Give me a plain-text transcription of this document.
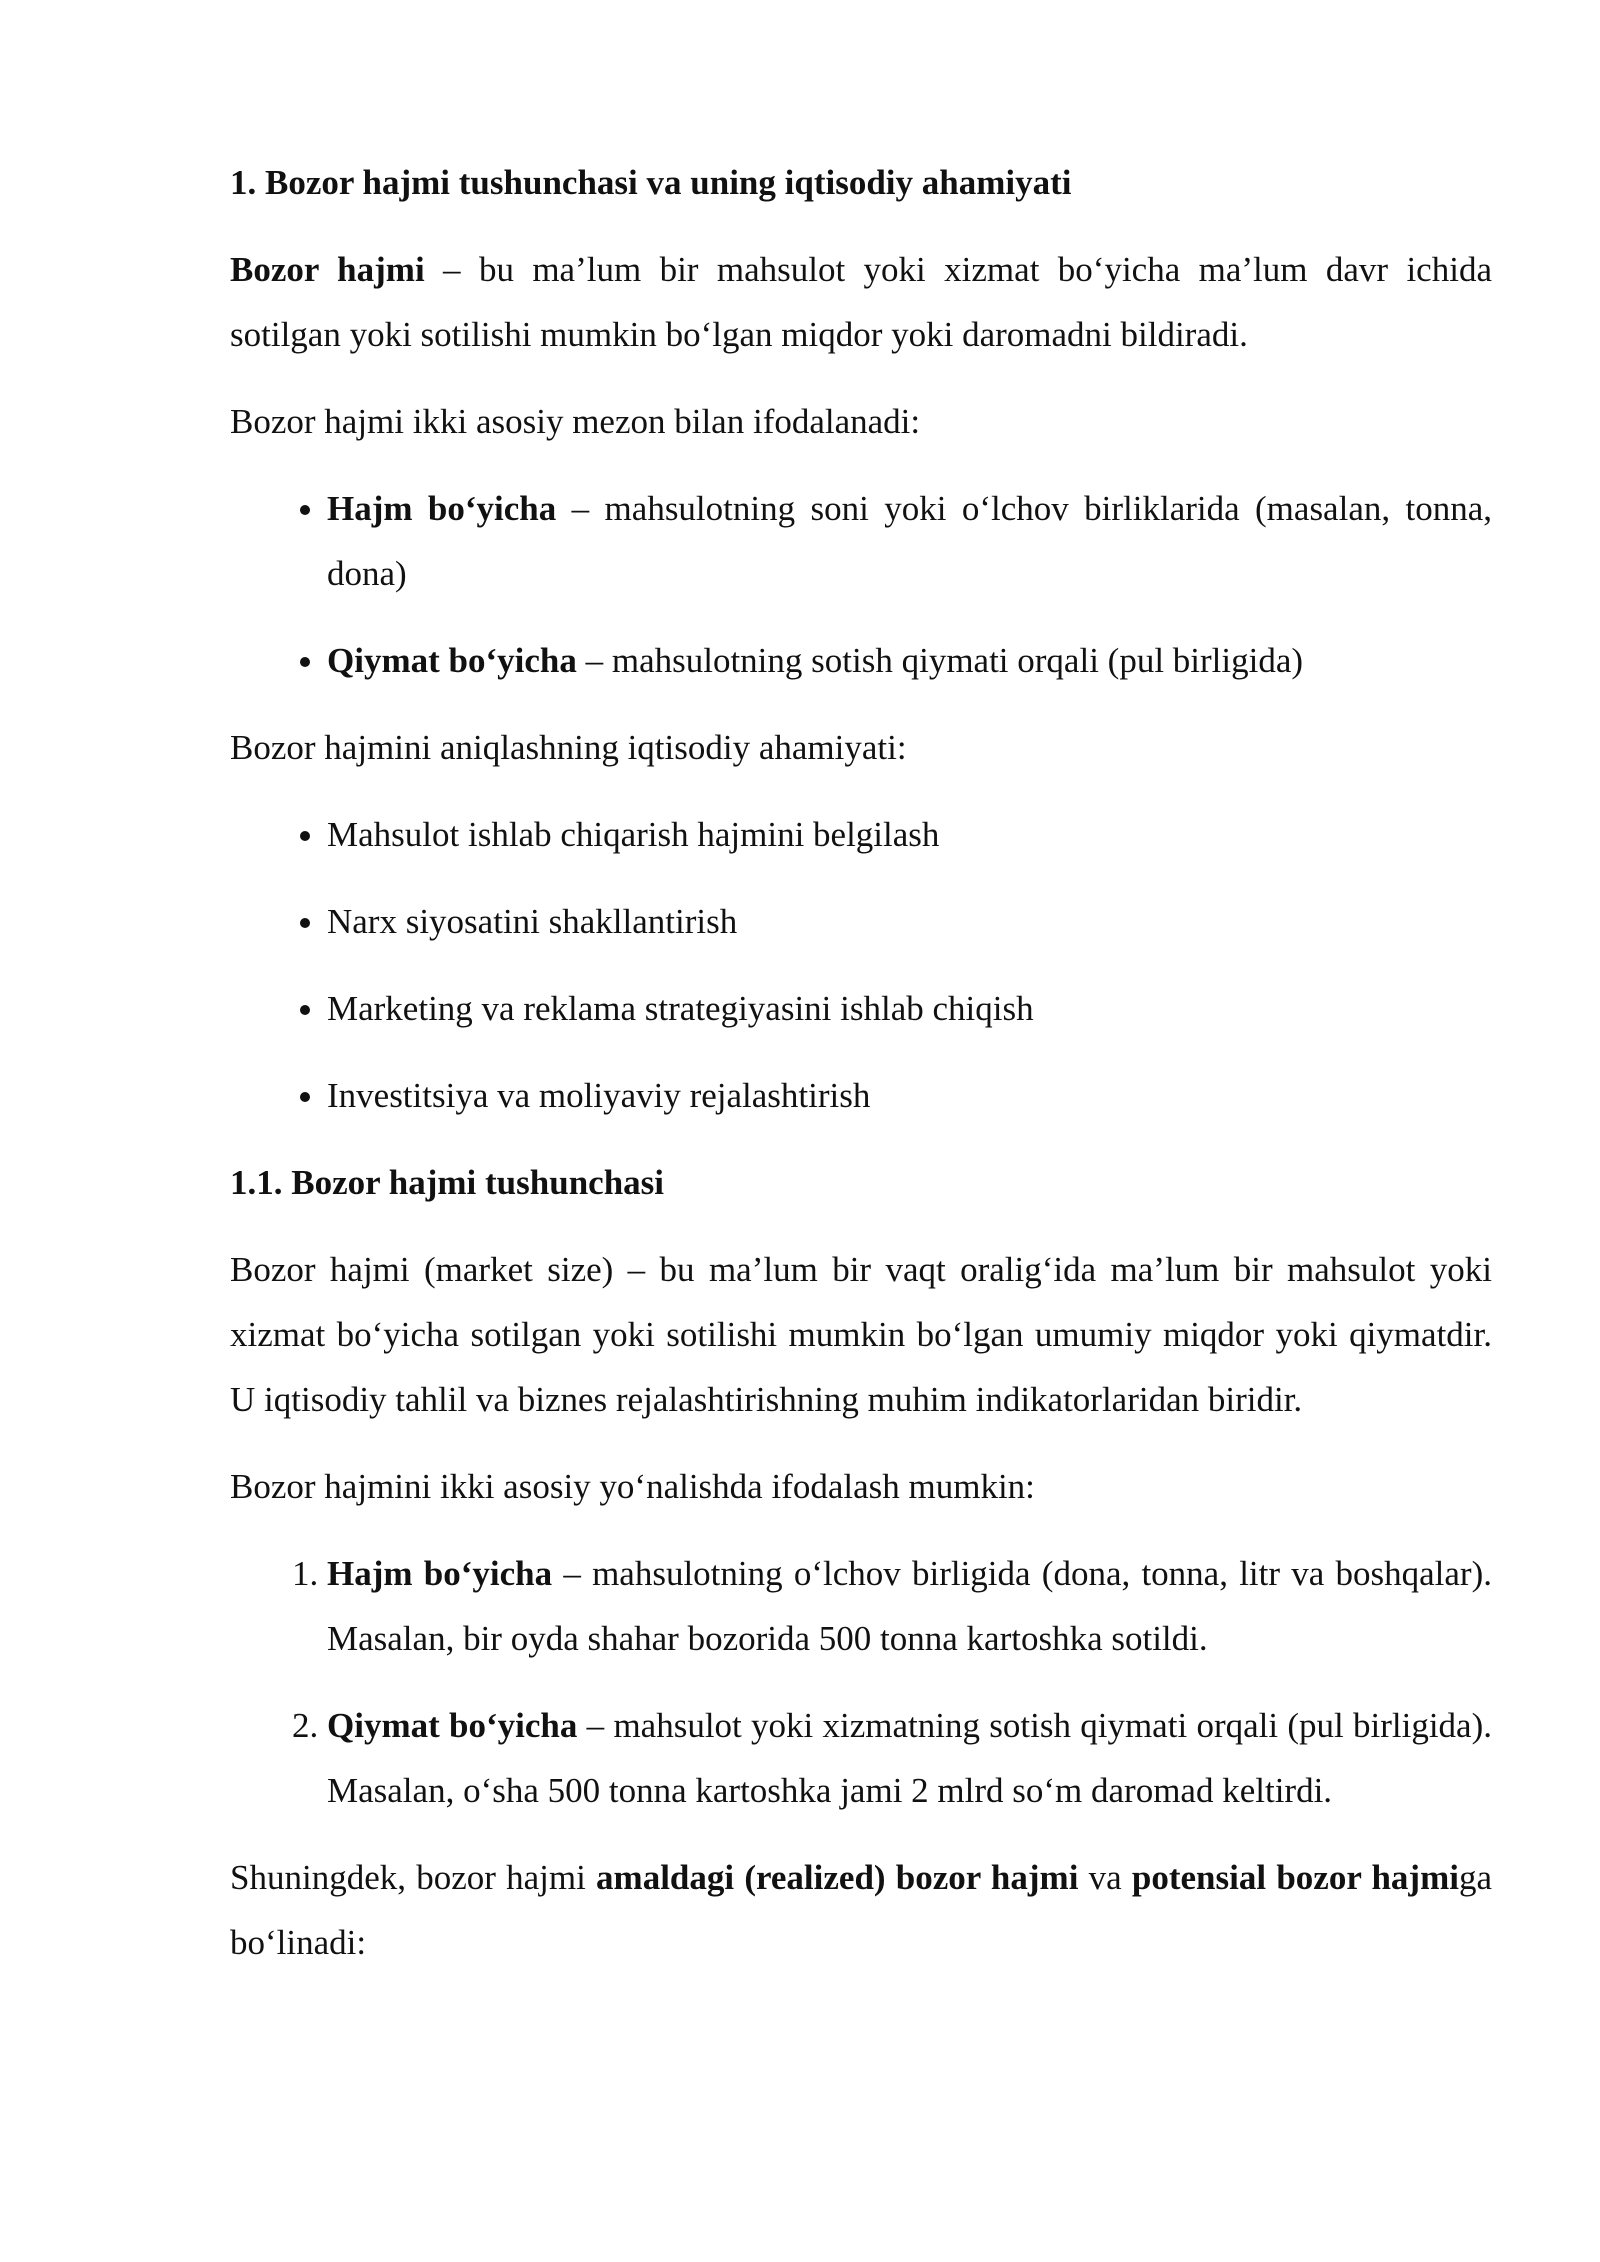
1. Bozor hajmi tushunchasi va uning iqtisodiy ahamiyati

Bozor hajmi – bu ma’lum bir mahsulot yoki xizmat bo‘yicha ma’lum davr ichida sotilgan yoki sotilishi mumkin bo‘lgan miqdor yoki daromadni bildiradi.

Bozor hajmi ikki asosiy mezon bilan ifodalanadi:

• Hajm bo‘yicha – mahsulotning soni yoki o‘lchov birliklarida (masalan, tonna, dona)
• Qiymat bo‘yicha – mahsulotning sotish qiymati orqali (pul birligida)

Bozor hajmini aniqlashning iqtisodiy ahamiyati:

• Mahsulot ishlab chiqarish hajmini belgilash
• Narx siyosatini shakllantirish
• Marketing va reklama strategiyasini ishlab chiqish
• Investitsiya va moliyaviy rejalashtirish
1.1. Bozor hajmi tushunchasi

Bozor hajmi (market size) – bu ma’lum bir vaqt oralig‘ida ma’lum bir mahsulot yoki xizmat bo‘yicha sotilgan yoki sotilishi mumkin bo‘lgan umumiy miqdor yoki qiymatdir. U iqtisodiy tahlil va biznes rejalashtirishning muhim indikatorlaridan biridir.

Bozor hajmini ikki asosiy yo‘nalishda ifodalash mumkin:

1. Hajm bo‘yicha – mahsulotning o‘lchov birligida (dona, tonna, litr va boshqalar). Masalan, bir oyda shahar bozorida 500 tonna kartoshka sotildi.
2. Qiymat bo‘yicha – mahsulot yoki xizmatning sotish qiymati orqali (pul birligida). Masalan, o‘sha 500 tonna kartoshka jami 2 mlrd so‘m daromad keltirdi.

Shuningdek, bozor hajmi amaldagi (realized) bozor hajmi va potensial bozor hajmiga bo‘linadi:
